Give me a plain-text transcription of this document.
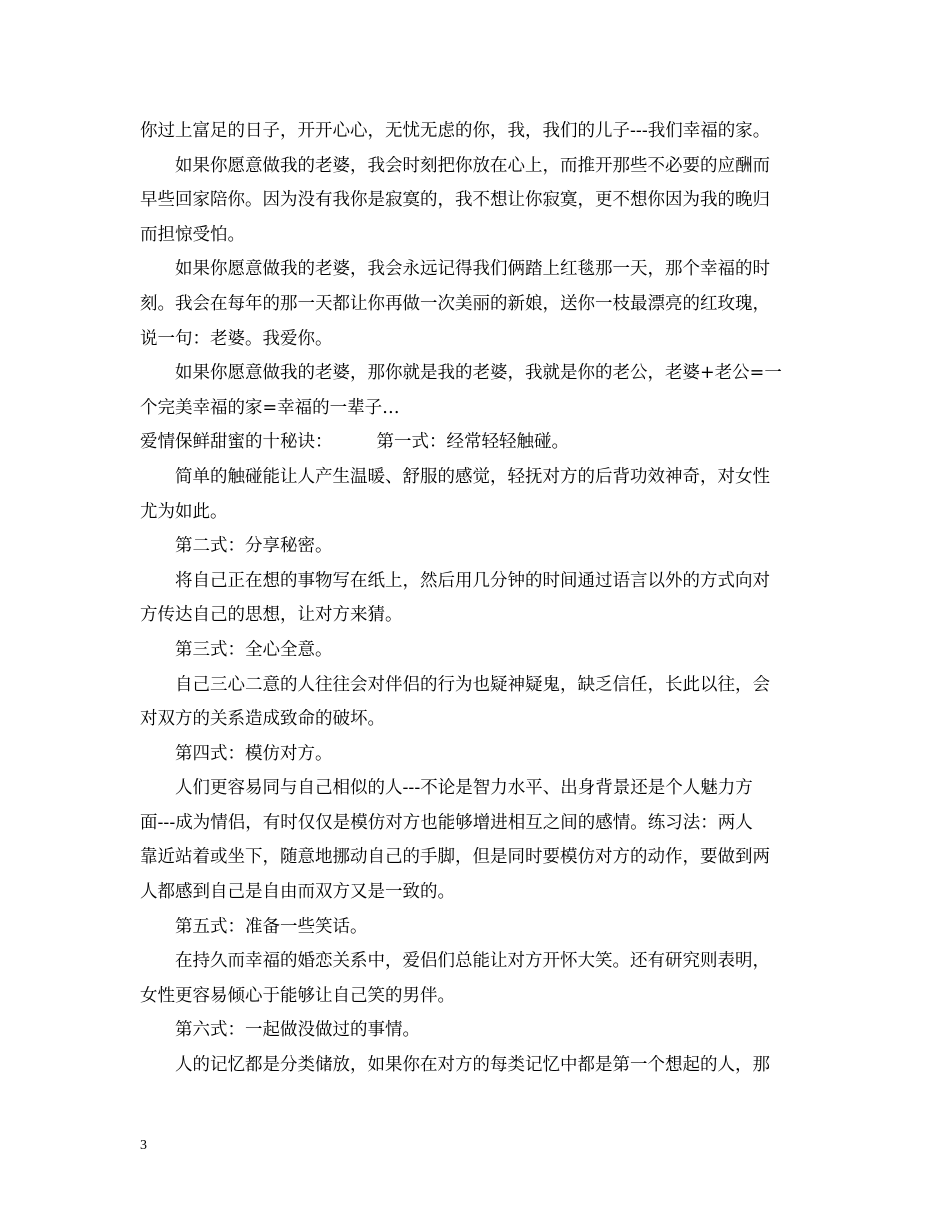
你过上富足的日子，开开心心，无忧无虑的你，我，我们的儿子---我们幸福的家。

如果你愿意做我的老婆，我会时刻把你放在心上，而推开那些不必要的应酬而

早些回家陪你。因为没有我你是寂寞的，我不想让你寂寞，更不想你因为我的晚归

而担惊受怕。

如果你愿意做我的老婆，我会永远记得我们俩踏上红毯那一天，那个幸福的时

刻。我会在每年的那一天都让你再做一次美丽的新娘，送你一枝最漂亮的红玫瑰，

说一句：老婆。我爱你。

如果你愿意做我的老婆，那你就是我的老婆，我就是你的老公，老婆+老公=一

个完美幸福的家=幸福的一辈子…

爱情保鲜甜蜜的十秘诀：	第一式：经常轻轻触碰。

简单的触碰能让人产生温暖、舒服的感觉，轻抚对方的后背功效神奇，对女性

尤为如此。

第二式：分享秘密。

将自己正在想的事物写在纸上，然后用几分钟的时间通过语言以外的方式向对

方传达自己的思想，让对方来猜。

第三式：全心全意。

自己三心二意的人往往会对伴侣的行为也疑神疑鬼，缺乏信任，长此以往，会

对双方的关系造成致命的破坏。

第四式：模仿对方。

人们更容易同与自己相似的人---不论是智力水平、出身背景还是个人魅力方

面---成为情侣，有时仅仅是模仿对方也能够增进相互之间的感情。练习法：两人

靠近站着或坐下，随意地挪动自己的手脚，但是同时要模仿对方的动作，要做到两

人都感到自己是自由而双方又是一致的。

第五式：准备一些笑话。

在持久而幸福的婚恋关系中，爱侣们总能让对方开怀大笑。还有研究则表明，

女性更容易倾心于能够让自己笑的男伴。

第六式：一起做没做过的事情。

人的记忆都是分类储放，如果你在对方的每类记忆中都是第一个想起的人，那

3
